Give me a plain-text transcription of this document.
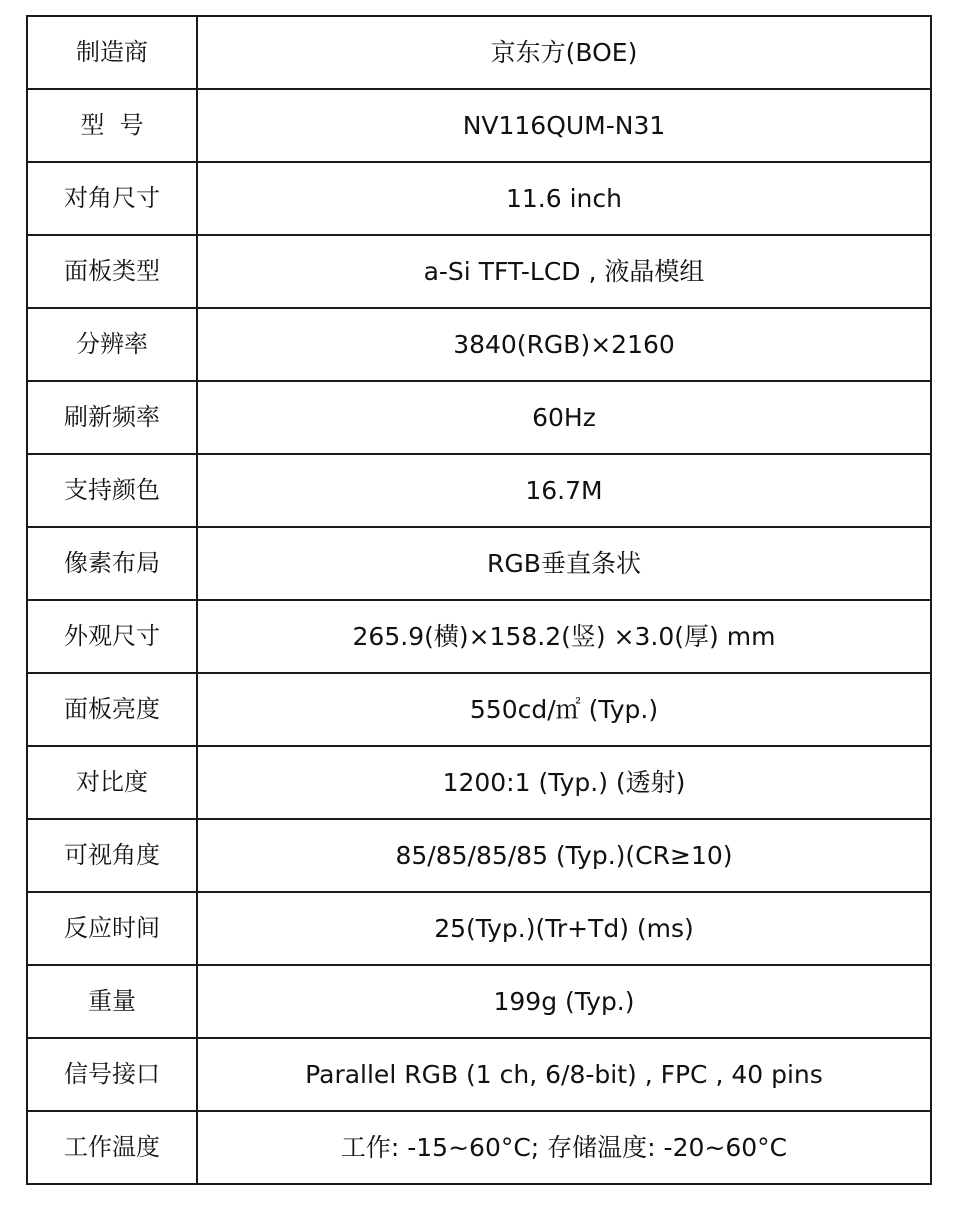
制造商	京东方(BOE)
型  号	NV116QUM-N31
对角尺寸	11.6 inch
面板类型	a-Si TFT-LCD , 液晶模组
分辨率	3840(RGB)×2160
刷新频率	60Hz
支持颜色	16.7M
像素布局	RGB垂直条状
外观尺寸	265.9(横)×158.2(竖) ×3.0(厚) mm
面板亮度	550cd/㎡ (Typ.)
对比度	1200:1 (Typ.) (透射)
可视角度	85/85/85/85 (Typ.)(CR≥10)
反应时间	25(Typ.)(Tr+Td) (ms)
重量	199g (Typ.)
信号接口	Parallel RGB (1 ch, 6/8-bit) , FPC , 40 pins
工作温度	工作: -15~60°C; 存储温度: -20~60°C
